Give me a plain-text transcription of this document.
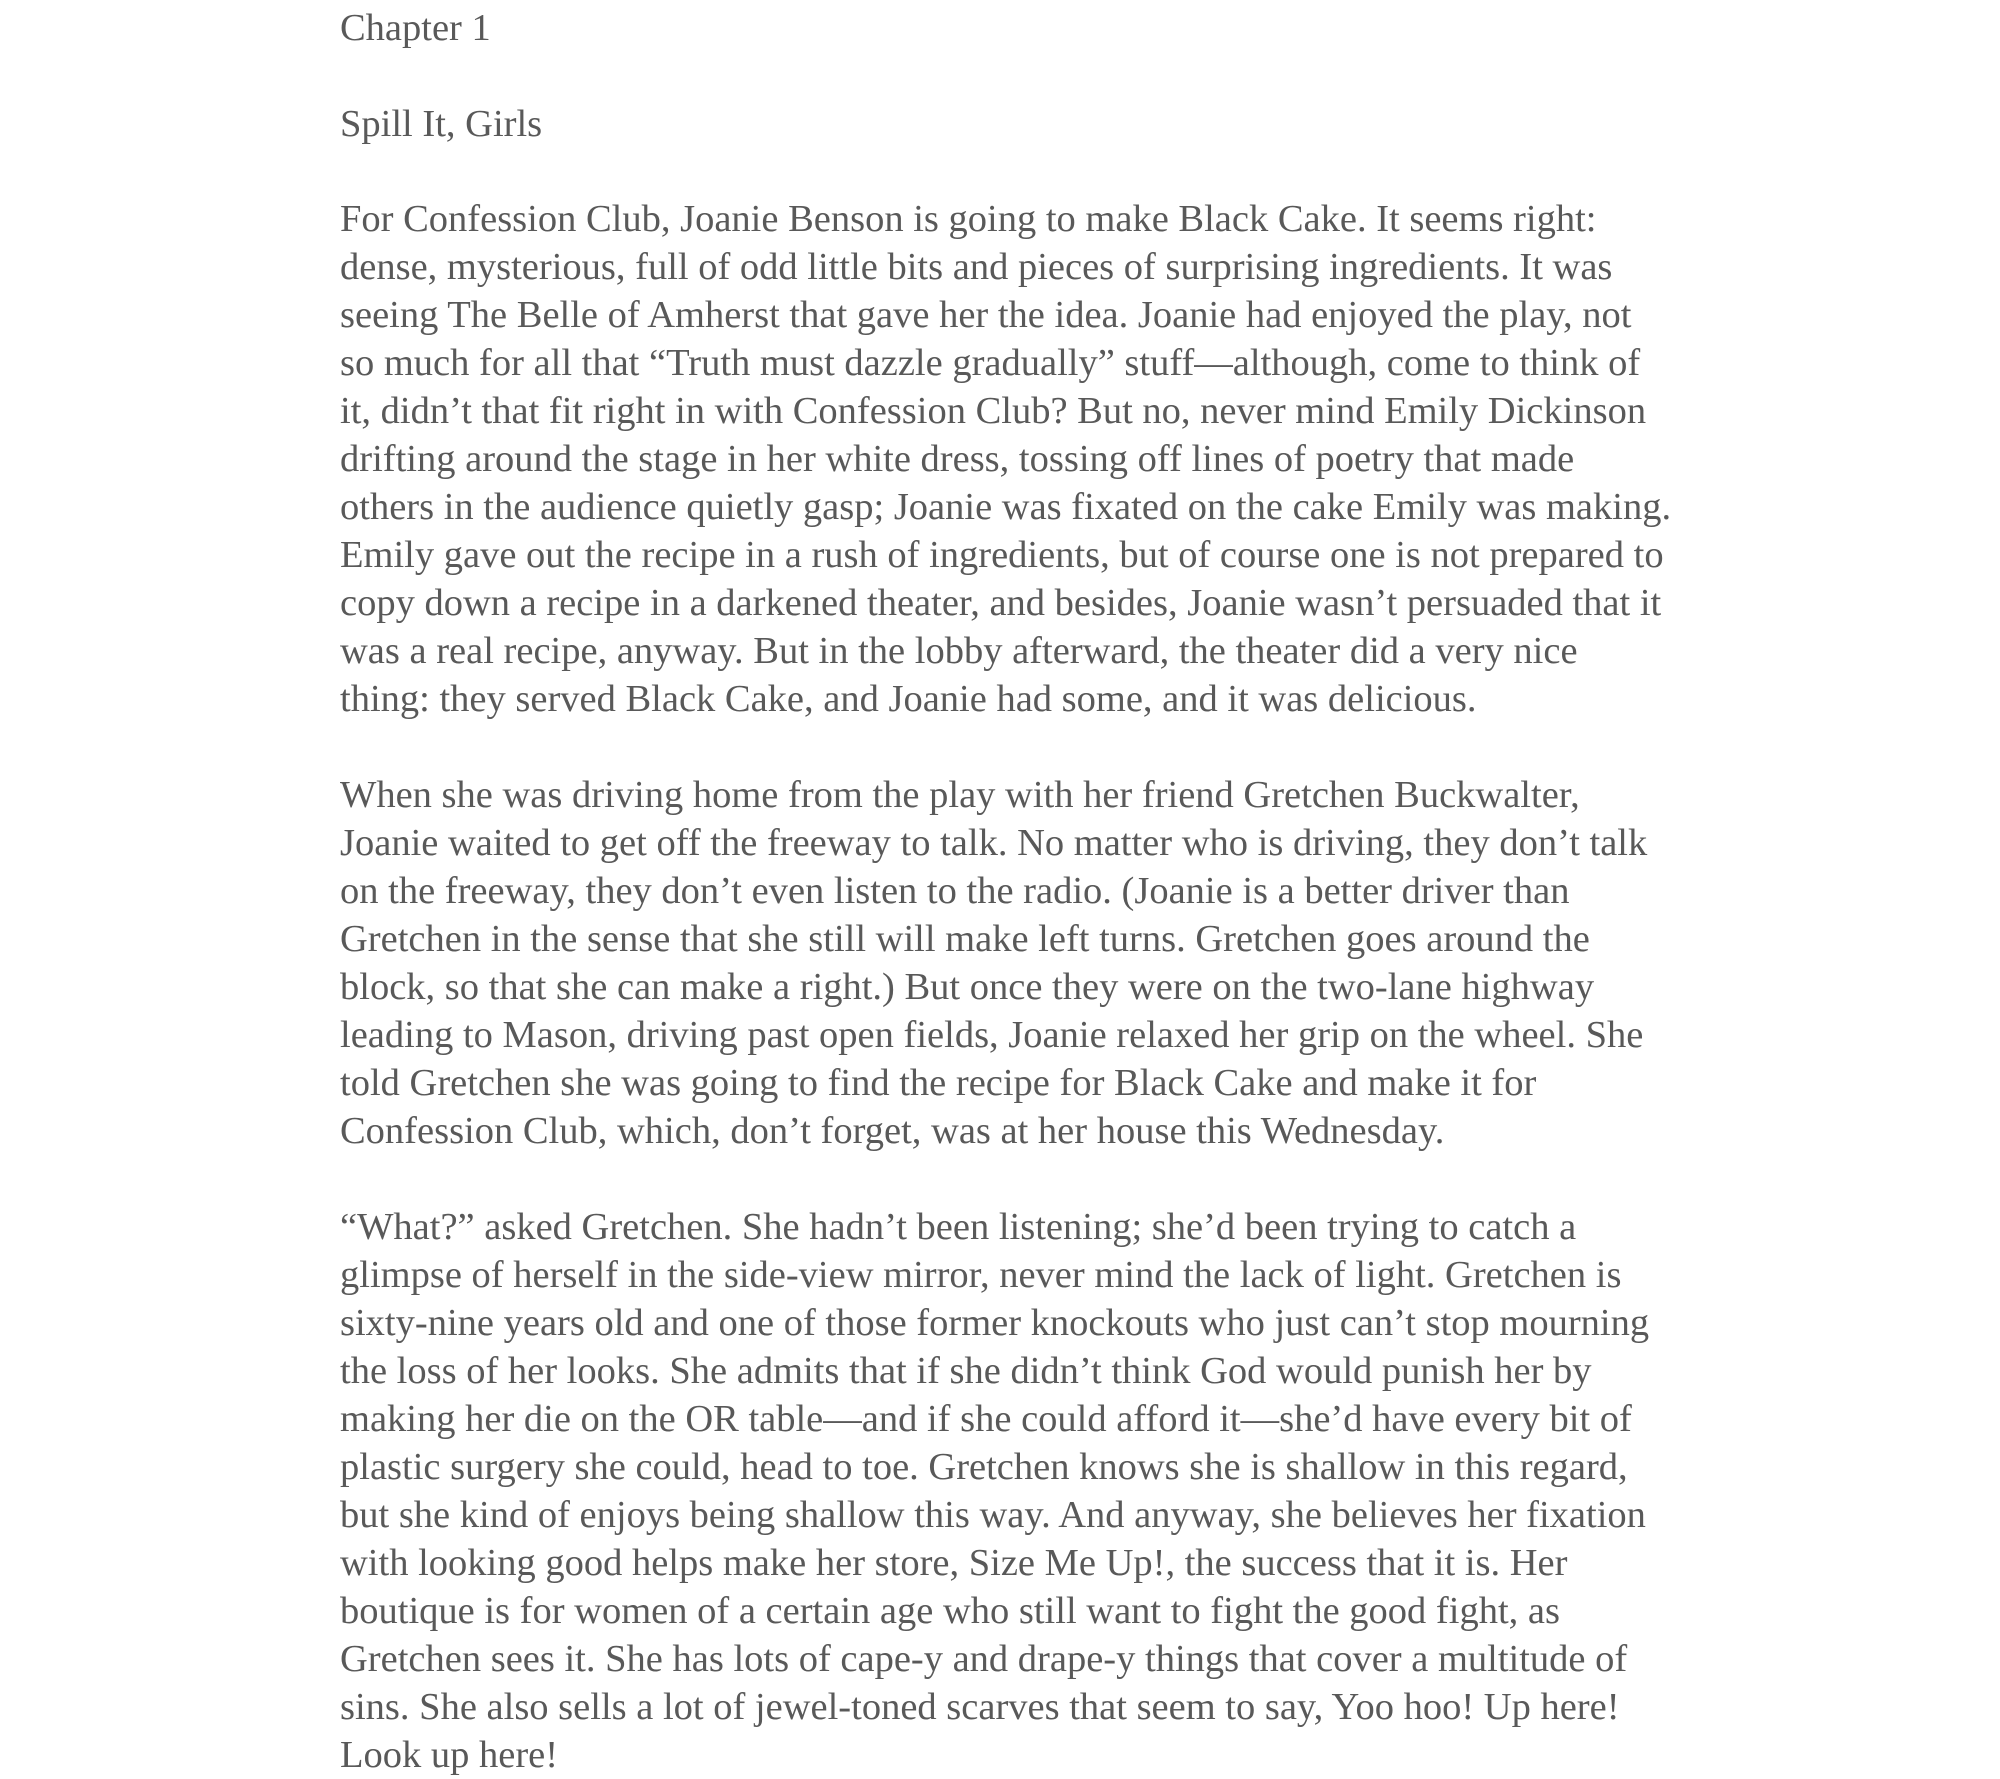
Chapter 1
Spill It, Girls
For Confession Club, Joanie Benson is going to make Black Cake. It seems right:
dense, mysterious, full of odd little bits and pieces of surprising ingredients. It was
seeing The Belle of Amherst that gave her the idea. Joanie had enjoyed the play, not
so much for all that “Truth must dazzle gradually” stuff—although, come to think of
it, didn’t that fit right in with Confession Club? But no, never mind Emily Dickinson
drifting around the stage in her white dress, tossing off lines of poetry that made
others in the audience quietly gasp; Joanie was fixated on the cake Emily was making.
Emily gave out the recipe in a rush of ingredients, but of course one is not prepared to
copy down a recipe in a darkened theater, and besides, Joanie wasn’t persuaded that it
was a real recipe, anyway. But in the lobby afterward, the theater did a very nice
thing: they served Black Cake, and Joanie had some, and it was delicious.
When she was driving home from the play with her friend Gretchen Buckwalter,
Joanie waited to get off the freeway to talk. No matter who is driving, they don’t talk
on the freeway, they don’t even listen to the radio. (Joanie is a better driver than
Gretchen in the sense that she still will make left turns. Gretchen goes around the
block, so that she can make a right.) But once they were on the two-lane highway
leading to Mason, driving past open fields, Joanie relaxed her grip on the wheel. She
told Gretchen she was going to find the recipe for Black Cake and make it for
Confession Club, which, don’t forget, was at her house this Wednesday.
“What?” asked Gretchen. She hadn’t been listening; she’d been trying to catch a
glimpse of herself in the side-view mirror, never mind the lack of light. Gretchen is
sixty-nine years old and one of those former knockouts who just can’t stop mourning
the loss of her looks. She admits that if she didn’t think God would punish her by
making her die on the OR table—and if she could afford it—she’d have every bit of
plastic surgery she could, head to toe. Gretchen knows she is shallow in this regard,
but she kind of enjoys being shallow this way. And anyway, she believes her fixation
with looking good helps make her store, Size Me Up!, the success that it is. Her
boutique is for women of a certain age who still want to fight the good fight, as
Gretchen sees it. She has lots of cape-y and drape-y things that cover a multitude of
sins. She also sells a lot of jewel-toned scarves that seem to say, Yoo hoo! Up here!
Look up here!
